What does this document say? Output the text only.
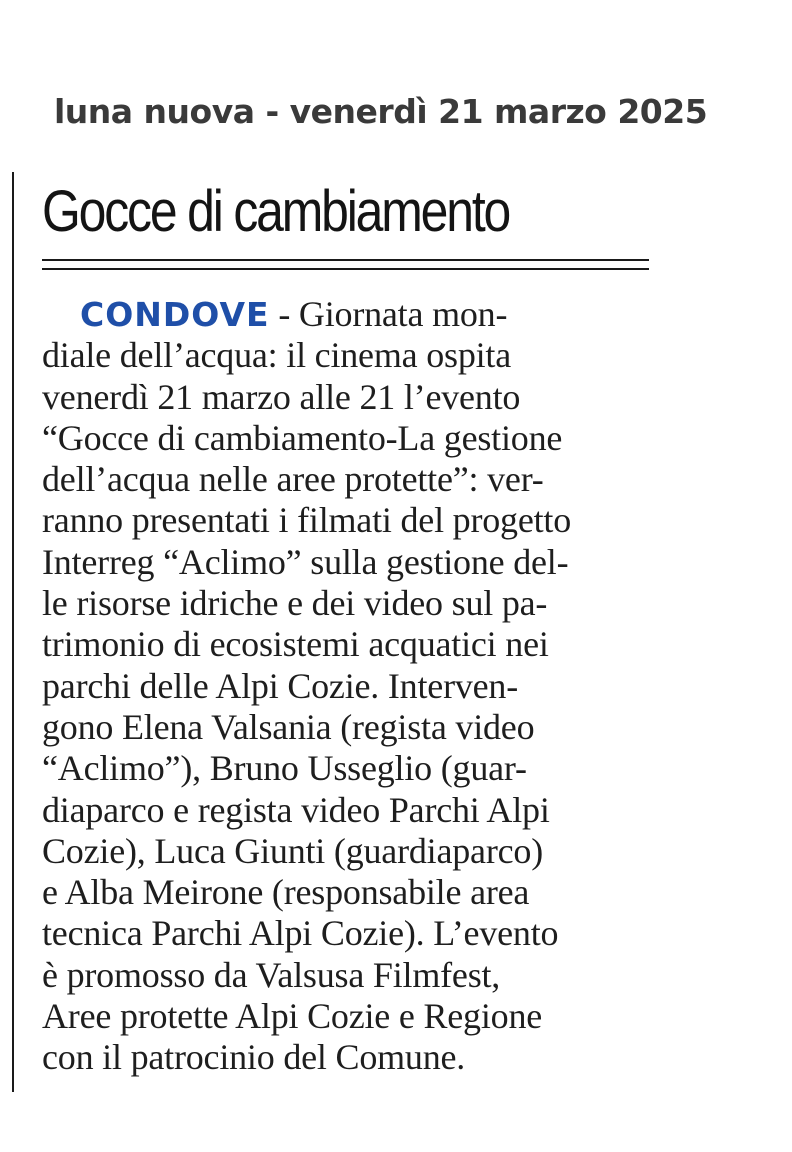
luna nuova - venerdì 21 marzo 2025
Gocce di cambiamento
CONDOVE - Giornata mon-
diale dell’acqua: il cinema ospita
venerdì 21 marzo alle 21 l’evento
“Gocce di cambiamento-La gestione
dell’acqua nelle aree protette”: ver-
ranno presentati i filmati del progetto
Interreg “Aclimo” sulla gestione del-
le risorse idriche e dei video sul pa-
trimonio di ecosistemi acquatici nei
parchi delle Alpi Cozie. Interven-
gono Elena Valsania (regista video
“Aclimo”), Bruno Usseglio (guar-
diaparco e regista video Parchi Alpi
Cozie), Luca Giunti (guardiaparco)
e Alba Meirone (responsabile area
tecnica Parchi Alpi Cozie). L’evento
è promosso da Valsusa Filmfest,
Aree protette Alpi Cozie e Regione
con il patrocinio del Comune.
